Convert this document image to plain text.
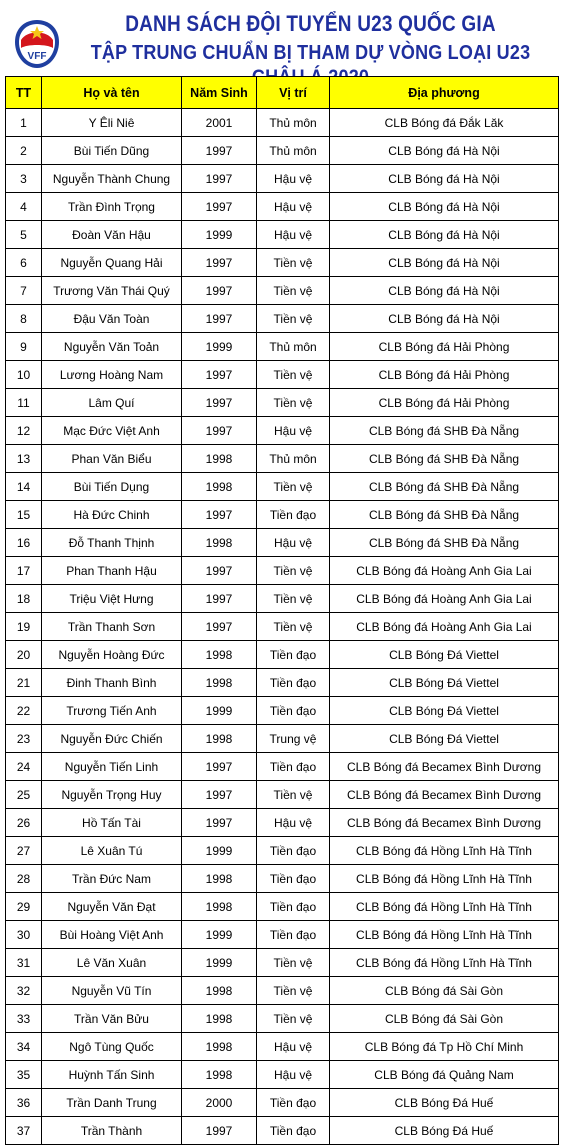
VFF
DANH SÁCH ĐỘI TUYỂN U23 QUỐC GIA
TẬP TRUNG CHUẨN BỊ THAM DỰ VÒNG LOẠI U23
TT	Họ và tên	Năm Sinh	Vị trí	Địa phương
1	Y Êli Niê	2001	Thủ môn	CLB Bóng đá Đắk Lăk
2	Bùi Tiến Dũng	1997	Thủ môn	CLB Bóng đá Hà Nội
3	Nguyễn Thành Chung	1997	Hậu vệ	CLB Bóng đá Hà Nội
4	Trần Đình Trọng	1997	Hậu vệ	CLB Bóng đá Hà Nội
5	Đoàn Văn Hậu	1999	Hậu vệ	CLB Bóng đá Hà Nội
6	Nguyễn Quang Hải	1997	Tiền vệ	CLB Bóng đá Hà Nội
7	Trương Văn Thái Quý	1997	Tiền vệ	CLB Bóng đá Hà Nội
8	Đậu Văn Toàn	1997	Tiền vệ	CLB Bóng đá Hà Nội
9	Nguyễn Văn Toản	1999	Thủ môn	CLB Bóng đá Hải Phòng
10	Lương Hoàng Nam	1997	Tiền vệ	CLB Bóng đá Hải Phòng
11	Lâm Quí	1997	Tiền vệ	CLB Bóng đá Hải Phòng
12	Mạc Đức Việt Anh	1997	Hậu vệ	CLB Bóng đá SHB Đà Nẵng
13	Phan Văn Biểu	1998	Thủ môn	CLB Bóng đá SHB Đà Nẵng
14	Bùi Tiến Dụng	1998	Tiền vệ	CLB Bóng đá SHB Đà Nẵng
15	Hà Đức Chinh	1997	Tiền đạo	CLB Bóng đá SHB Đà Nẵng
16	Đỗ Thanh Thịnh	1998	Hậu vệ	CLB Bóng đá SHB Đà Nẵng
17	Phan Thanh Hậu	1997	Tiền vệ	CLB Bóng đá Hoàng Anh Gia Lai
18	Triệu Việt Hưng	1997	Tiền vệ	CLB Bóng đá Hoàng Anh Gia Lai
19	Trần Thanh Sơn	1997	Tiền vệ	CLB Bóng đá Hoàng Anh Gia Lai
20	Nguyễn Hoàng Đức	1998	Tiền đạo	CLB Bóng Đá Viettel
21	Đinh Thanh Bình	1998	Tiền đạo	CLB Bóng Đá Viettel
22	Trương Tiến Anh	1999	Tiền đạo	CLB Bóng Đá Viettel
23	Nguyễn Đức Chiến	1998	Trung vệ	CLB Bóng Đá Viettel
24	Nguyễn Tiến Linh	1997	Tiền đạo	CLB Bóng đá Becamex Bình Dương
25	Nguyễn Trọng Huy	1997	Tiền vệ	CLB Bóng đá Becamex Bình Dương
26	Hồ Tấn Tài	1997	Hậu vệ	CLB Bóng đá Becamex Bình Dương
27	Lê Xuân Tú	1999	Tiền đạo	CLB Bóng đá Hồng Lĩnh Hà Tĩnh
28	Trần Đức Nam	1998	Tiền đạo	CLB Bóng đá Hồng Lĩnh Hà Tĩnh
29	Nguyễn Văn Đạt	1998	Tiền đạo	CLB Bóng đá Hồng Lĩnh Hà Tĩnh
30	Bùi Hoàng Việt Anh	1999	Tiền đạo	CLB Bóng đá Hồng Lĩnh Hà Tĩnh
31	Lê Văn Xuân	1999	Tiền vệ	CLB Bóng đá Hồng Lĩnh Hà Tĩnh
32	Nguyễn Vũ Tín	1998	Tiền vệ	CLB Bóng đá Sài Gòn
33	Trần Văn Bửu	1998	Tiền vệ	CLB Bóng đá Sài Gòn
34	Ngô Tùng Quốc	1998	Hậu vệ	CLB Bóng đá Tp Hồ Chí Minh
35	Huỳnh Tấn Sinh	1998	Hậu vệ	CLB Bóng đá Quảng Nam
36	Trần Danh Trung	2000	Tiền đạo	CLB Bóng Đá Huế
37	Trần Thành	1997	Tiền đạo	CLB Bóng Đá Huế
